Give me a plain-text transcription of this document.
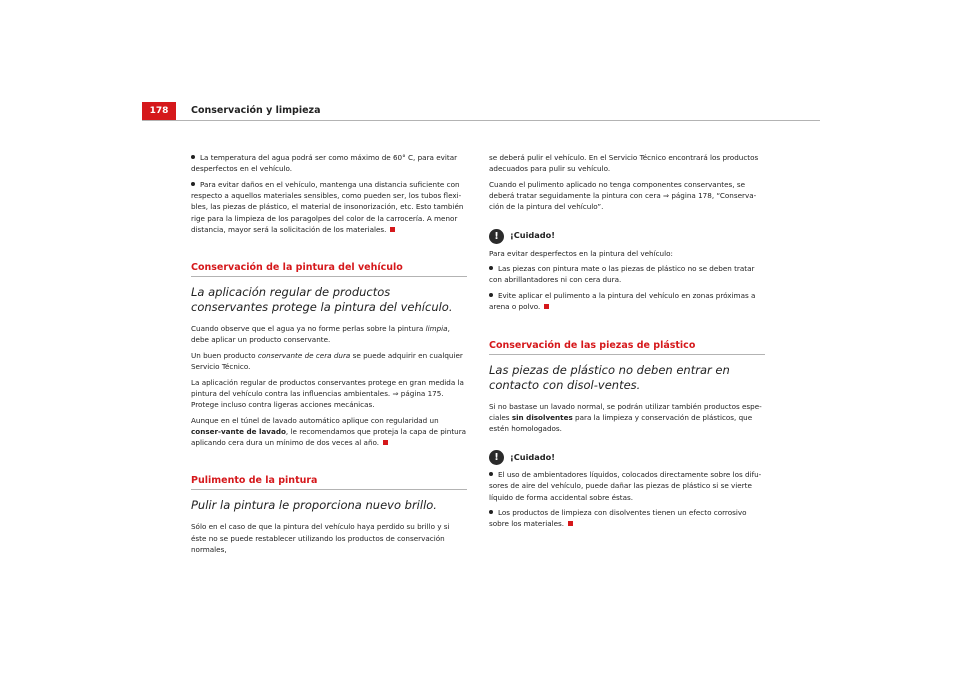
178	Conservación y limpieza

La temperatura del agua podrá ser como máximo de 60° C, para evitar desperfectos en el vehículo.

Para evitar daños en el vehículo, mantenga una distancia suficiente con respecto a aquellos materiales sensibles, como pueden ser, los tubos flexi-bles, las piezas de plástico, el material de insonorización, etc. Esto también rige para la limpieza de los paragolpes del color de la carrocería. A menor distancia, mayor será la solicitación de los materiales.

Conservación de la pintura del vehículo
La aplicación regular de productos conservantes protege la pintura del vehículo.

Cuando observe que el agua ya no forme perlas sobre la pintura limpia, debe aplicar un producto conservante.

Un buen producto conservante de cera dura se puede adquirir en cualquier Servicio Técnico.

La aplicación regular de productos conservantes protege en gran medida la pintura del vehículo contra las influencias ambientales. ⇒ página 175. Protege incluso contra ligeras acciones mecánicas.

Aunque en el túnel de lavado automático aplique con regularidad un conser-vante de lavado, le recomendamos que proteja la capa de pintura aplicando cera dura un mínimo de dos veces al año.

Pulimento de la pintura
Pulir la pintura le proporciona nuevo brillo.

Sólo en el caso de que la pintura del vehículo haya perdido su brillo y si éste no se puede restablecer utilizando los productos de conservación normales,

se deberá pulir el vehículo. En el Servicio Técnico encontrará los productos adecuados para pulir su vehículo.

Cuando el pulimento aplicado no tenga componentes conservantes, se deberá tratar seguidamente la pintura con cera ⇒ página 178, “Conserva-ción de la pintura del vehículo”.

!	¡Cuidado!

Para evitar desperfectos en la pintura del vehículo:

Las piezas con pintura mate o las piezas de plástico no se deben tratar con abrillantadores ni con cera dura.

Evite aplicar el pulimento a la pintura del vehículo en zonas próximas a arena o polvo.

Conservación de las piezas de plástico
Las piezas de plástico no deben entrar en contacto con disol-ventes.

Si no bastase un lavado normal, se podrán utilizar también productos espe-ciales sin disolventes para la limpieza y conservación de plásticos, que estén homologados.

!	¡Cuidado!

El uso de ambientadores líquidos, colocados directamente sobre los difu-sores de aire del vehículo, puede dañar las piezas de plástico si se vierte líquido de forma accidental sobre éstas.

Los productos de limpieza con disolventes tienen un efecto corrosivo sobre los materiales.
